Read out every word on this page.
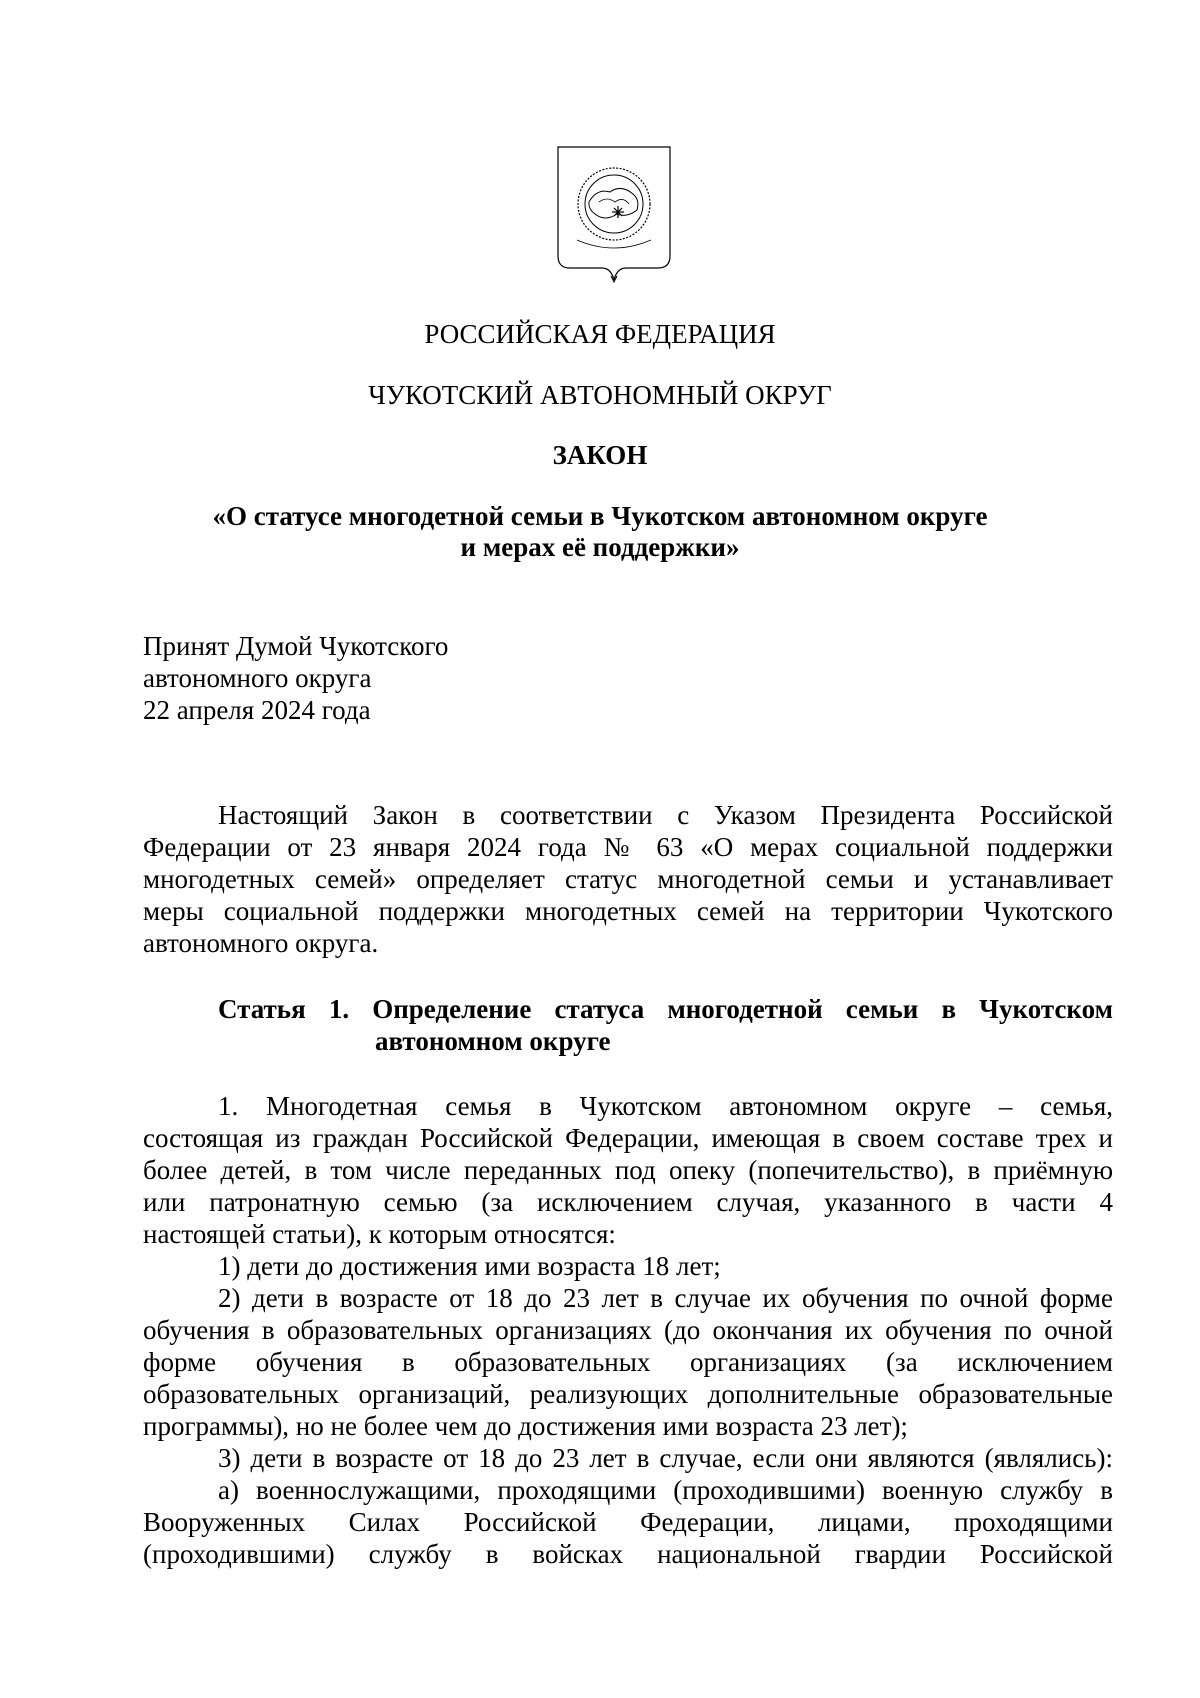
РОССИЙСКАЯ ФЕДЕРАЦИЯ
ЧУКОТСКИЙ АВТОНОМНЫЙ ОКРУГ
ЗАКОН
«О статусе многодетной семьи в Чукотском автономном округе
и мерах её поддержки»
Принят Думой Чукотского
автономного округа
22 апреля 2024 года
Настоящий Закон в соответствии с Указом Президента Российской
Федерации от 23 января 2024 года № 63 «О мерах социальной поддержки
многодетных семей» определяет статус многодетной семьи и устанавливает
меры социальной поддержки многодетных семей на территории Чукотского
автономного округа.
Статья 1. Определение статуса многодетной семьи в Чукотском
автономном округе
1. Многодетная семья в Чукотском автономном округе – семья,
состоящая из граждан Российской Федерации, имеющая в своем составе трех и
более детей, в том числе переданных под опеку (попечительство), в приёмную
или патронатную семью (за исключением случая, указанного в части 4
настоящей статьи), к которым относятся:
1) дети до достижения ими возраста 18 лет;
2) дети в возрасте от 18 до 23 лет в случае их обучения по очной форме
обучения в образовательных организациях (до окончания их обучения по очной
форме обучения в образовательных организациях (за исключением
образовательных организаций, реализующих дополнительные образовательные
программы), но не более чем до достижения ими возраста 23 лет);
3) дети в возрасте от 18 до 23 лет в случае, если они являются (являлись):
а) военнослужащими, проходящими (проходившими) военную службу в
Вооруженных Силах Российской Федерации, лицами, проходящими
(проходившими) службу в войсках национальной гвардии Российской
